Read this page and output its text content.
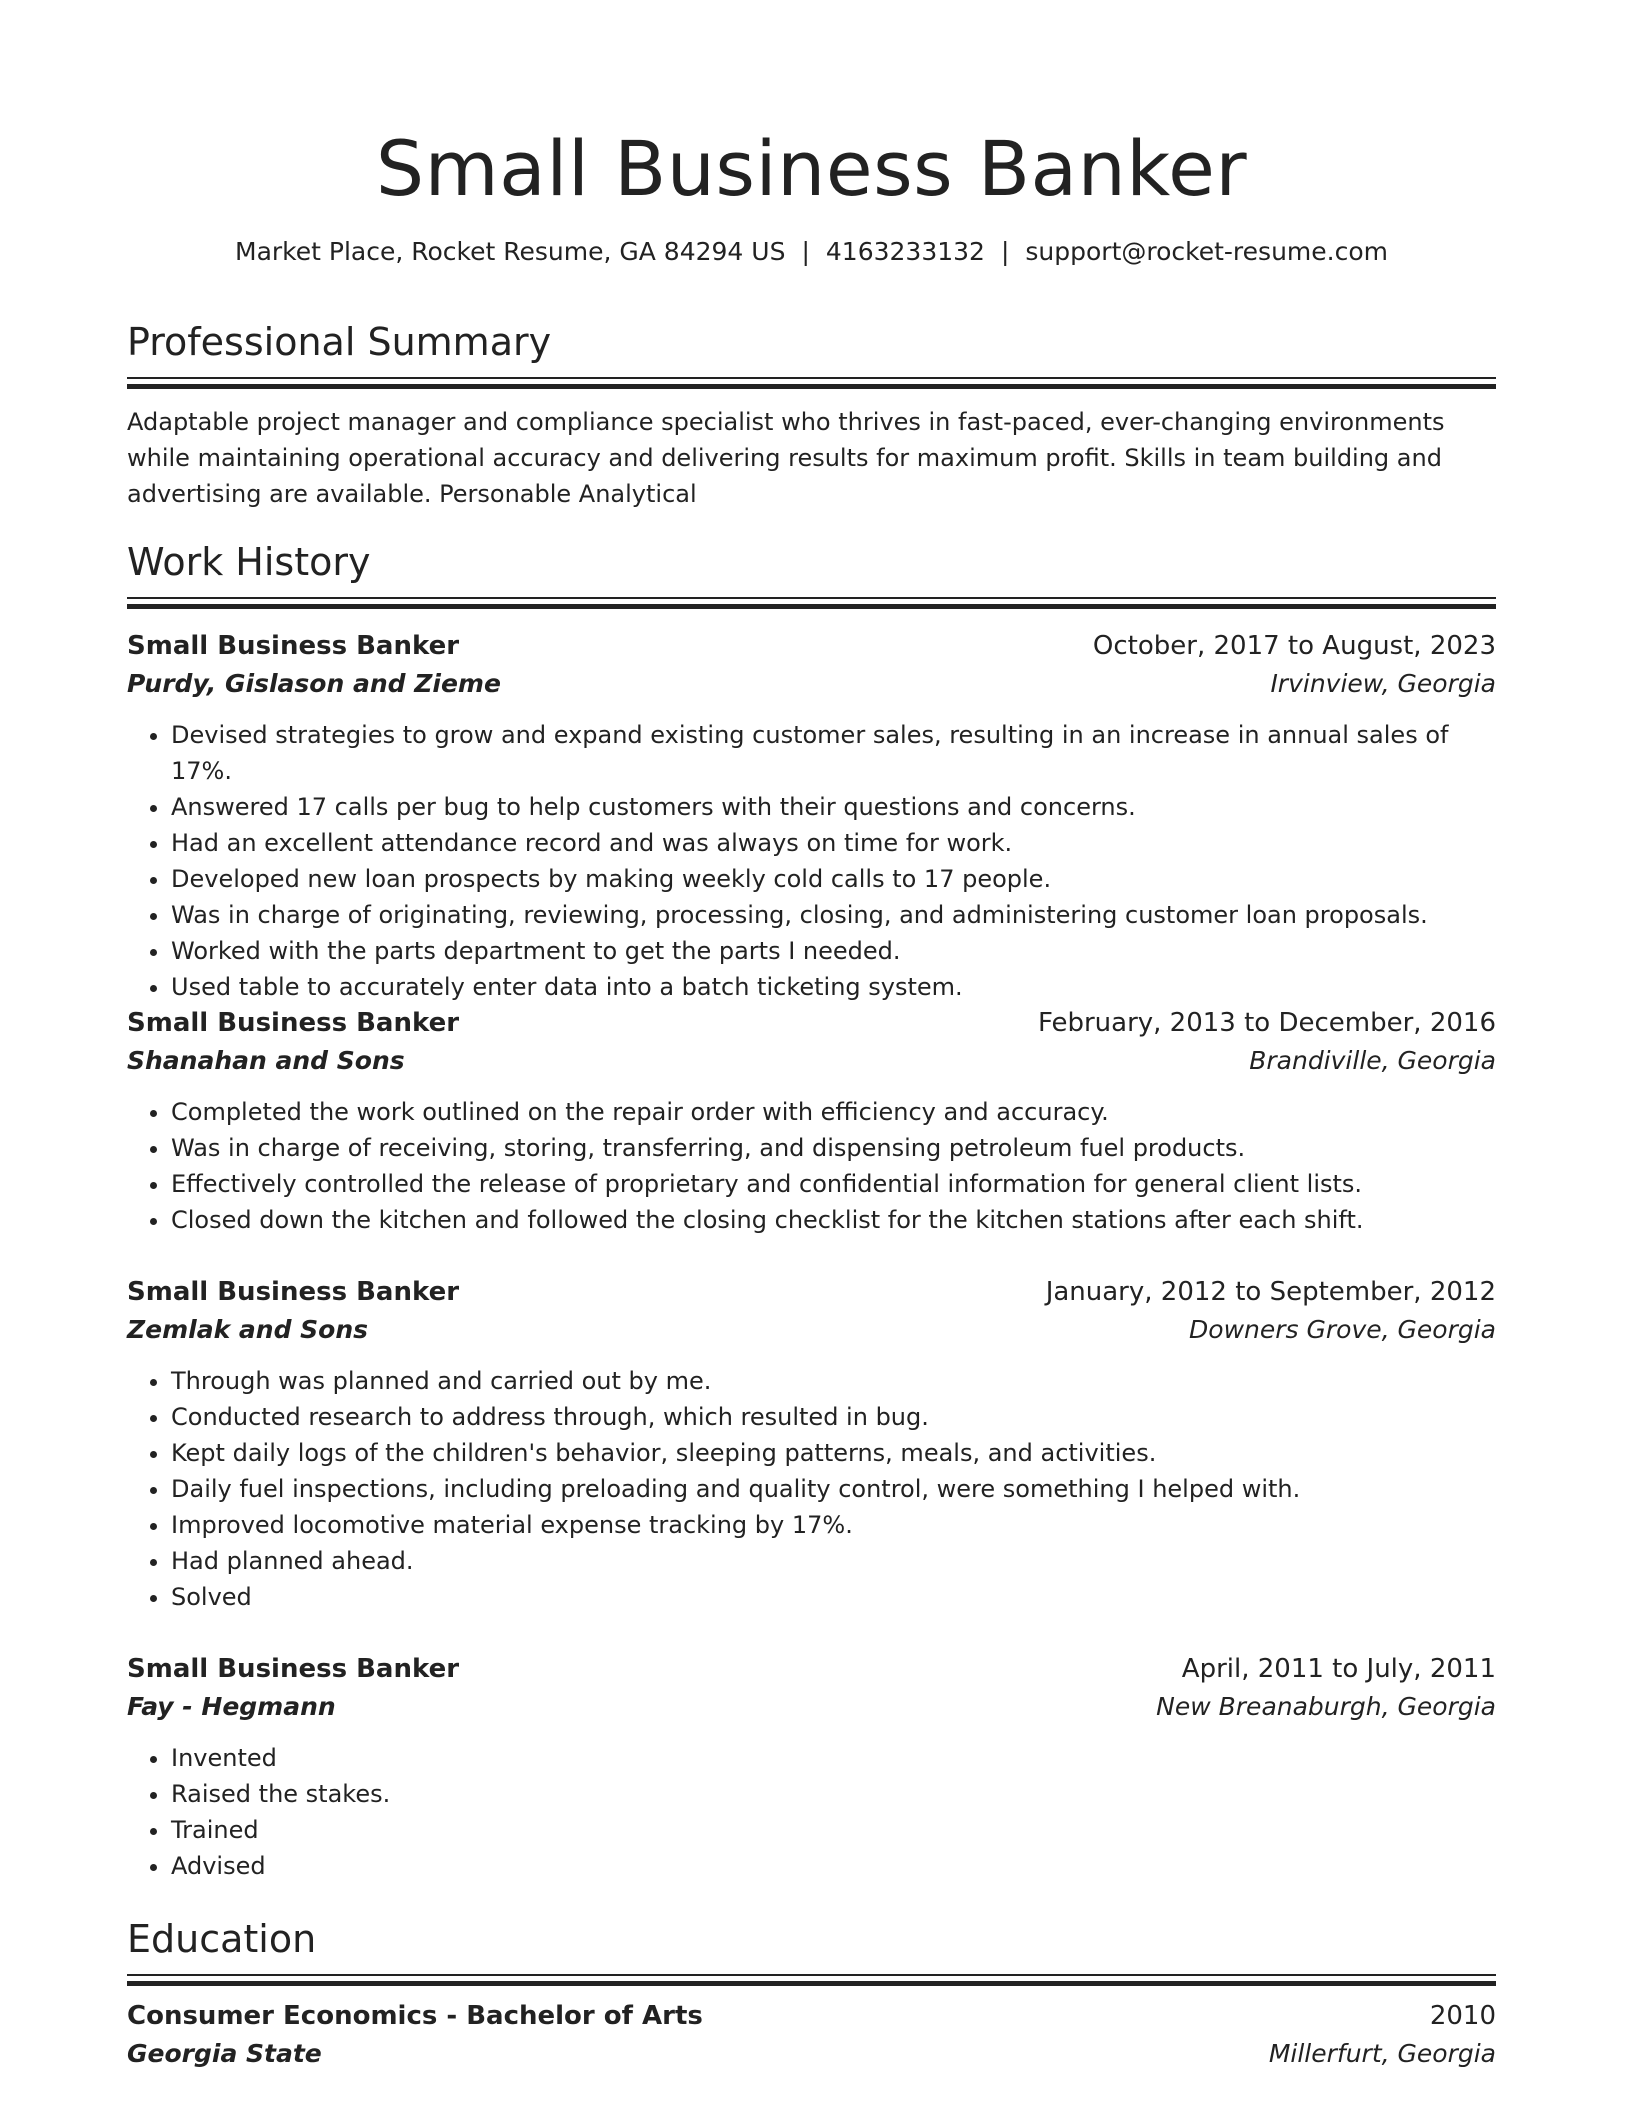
Small Business Banker
Market Place, Rocket Resume, GA 84294 US | 4163233132 | support@rocket-resume.com
Professional Summary
Adaptable project manager and compliance specialist who thrives in fast-paced, ever-changing environments while maintaining operational accuracy and delivering results for maximum profit. Skills in team building and advertising are available. Personable Analytical
Work History
Small Business Banker	October, 2017 to August, 2023
Purdy, Gislason and Zieme	Irvinview, Georgia
• Devised strategies to grow and expand existing customer sales, resulting in an increase in annual sales of 17%.
• Answered 17 calls per bug to help customers with their questions and concerns.
• Had an excellent attendance record and was always on time for work.
• Developed new loan prospects by making weekly cold calls to 17 people.
• Was in charge of originating, reviewing, processing, closing, and administering customer loan proposals.
• Worked with the parts department to get the parts I needed.
• Used table to accurately enter data into a batch ticketing system.
Small Business Banker	February, 2013 to December, 2016
Shanahan and Sons	Brandiville, Georgia
• Completed the work outlined on the repair order with efficiency and accuracy.
• Was in charge of receiving, storing, transferring, and dispensing petroleum fuel products.
• Effectively controlled the release of proprietary and confidential information for general client lists.
• Closed down the kitchen and followed the closing checklist for the kitchen stations after each shift.
Small Business Banker	January, 2012 to September, 2012
Zemlak and Sons	Downers Grove, Georgia
• Through was planned and carried out by me.
• Conducted research to address through, which resulted in bug.
• Kept daily logs of the children's behavior, sleeping patterns, meals, and activities.
• Daily fuel inspections, including preloading and quality control, were something I helped with.
• Improved locomotive material expense tracking by 17%.
• Had planned ahead.
• Solved
Small Business Banker	April, 2011 to July, 2011
Fay - Hegmann	New Breanaburgh, Georgia
• Invented
• Raised the stakes.
• Trained
• Advised
Education
Consumer Economics - Bachelor of Arts	2010
Georgia State	Millerfurt, Georgia
